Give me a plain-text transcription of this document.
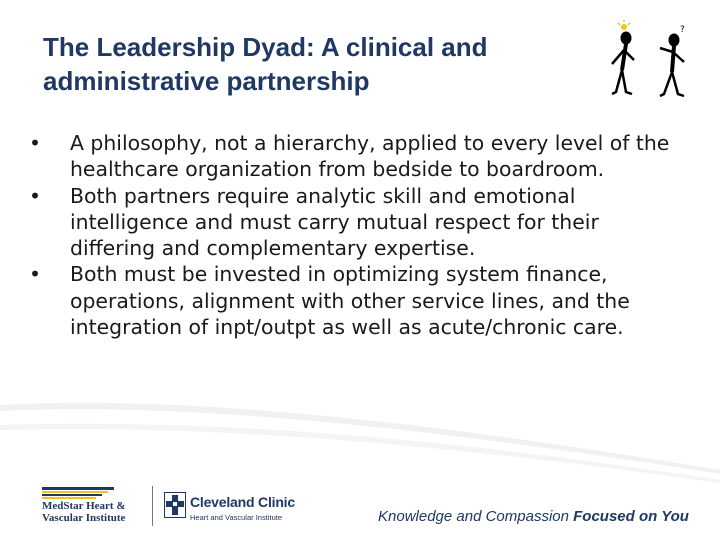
The Leadership Dyad: A clinical and administrative partnership
?
• A philosophy, not a hierarchy, applied to every level of the healthcare organization from bedside to boardroom.
• Both partners require analytic skill and emotional intelligence and must carry mutual respect for their differing and complementary expertise.
• Both must be invested in optimizing system finance, operations, alignment with other service lines, and the integration of inpt/outpt as well as acute/chronic care.
MedStar Heart &
Vascular Institute
Cleveland Clinic
Heart and Vascular Institute	Knowledge and Compassion Focused on You
